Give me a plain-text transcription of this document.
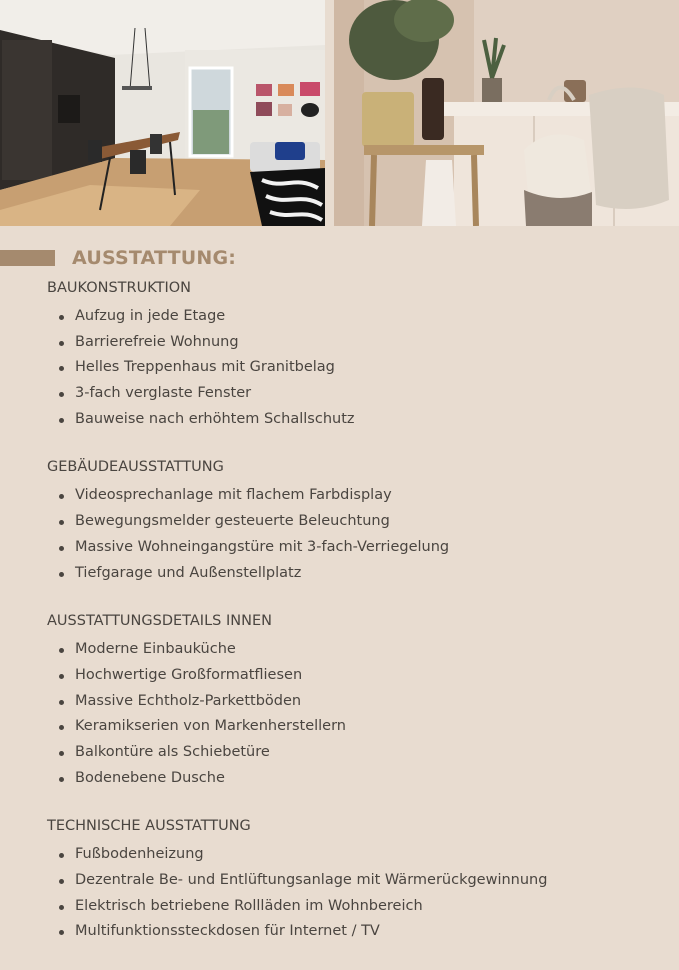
AUSSTATTUNG:
BAUKONSTRUKTION
Aufzug in jede Etage
Barrierefreie Wohnung
Helles Treppenhaus mit Granitbelag
3-fach verglaste Fenster
Bauweise nach erhöhtem Schallschutz
GEBÄUDEAUSSTATTUNG
Videosprechanlage mit flachem Farbdisplay
Bewegungsmelder gesteuerte Beleuchtung
Massive Wohneingangstüre mit 3-fach-Verriegelung
Tiefgarage und Außenstellplatz
AUSSTATTUNGSDETAILS INNEN
Moderne Einbauküche
Hochwertige Großformatfliesen
Massive Echtholz-Parkettböden
Keramikserien von Markenherstellern
Balkontüre als Schiebetüre
Bodenebene Dusche
TECHNISCHE AUSSTATTUNG
Fußbodenheizung
Dezentrale Be- und Entlüftungsanlage mit Wärmerückgewinnung
Elektrisch betriebene Rollläden im Wohnbereich
Multifunktionssteckdosen für Internet / TV
